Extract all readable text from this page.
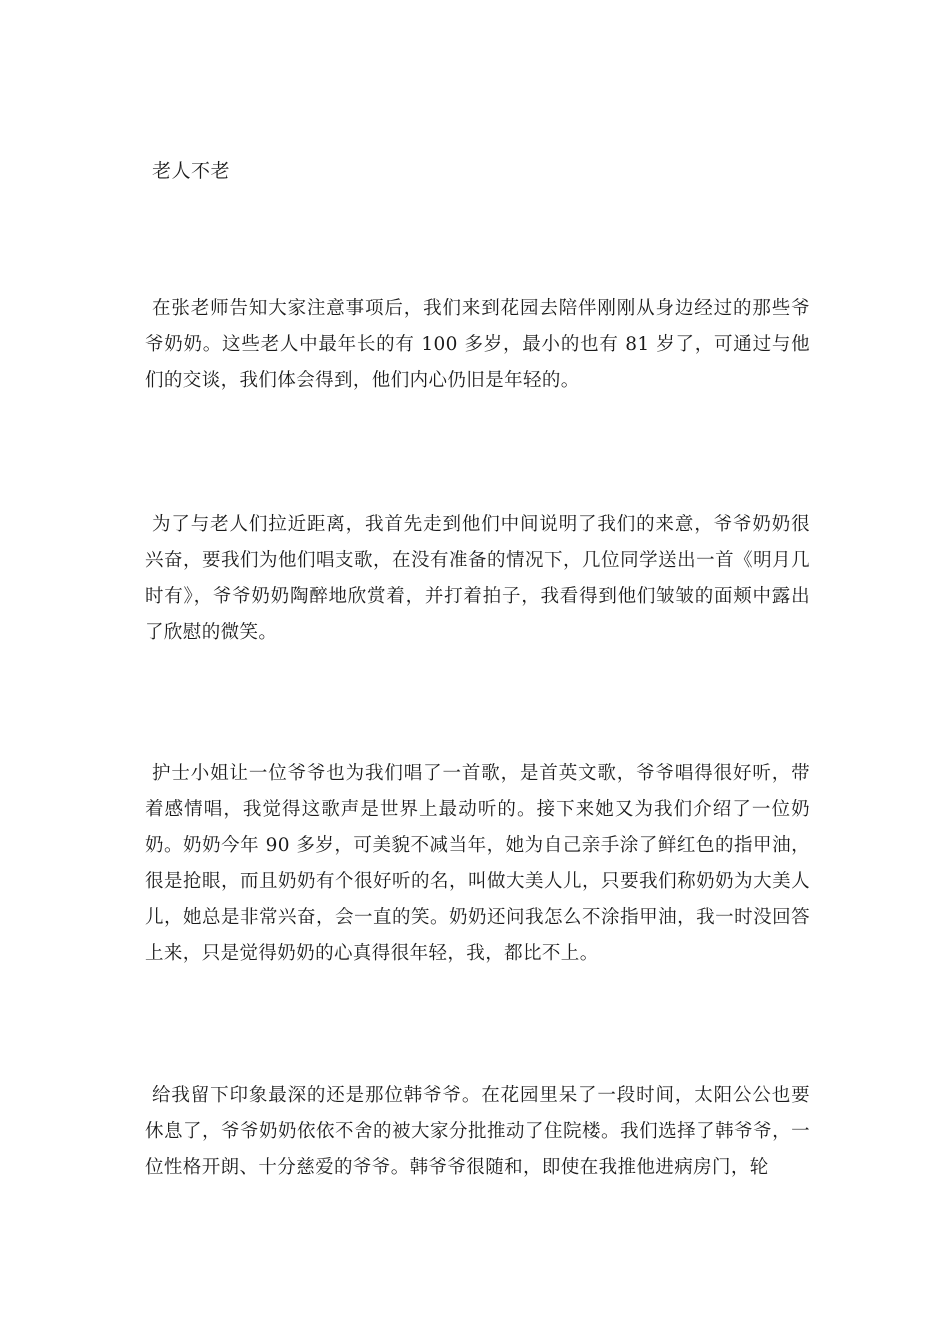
老人不老

在张老师告知大家注意事项后，我们来到花园去陪伴刚刚从身边经过的那些爷爷奶奶。这些老人中最年长的有 100 多岁，最小的也有 81 岁了，可通过与他们的交谈，我们体会得到，他们内心仍旧是年轻的。

为了与老人们拉近距离，我首先走到他们中间说明了我们的来意，爷爷奶奶很兴奋，要我们为他们唱支歌，在没有准备的情况下，几位同学送出一首《明月几时有》，爷爷奶奶陶醉地欣赏着，并打着拍子，我看得到他们皱皱的面颊中露出了欣慰的微笑。

护士小姐让一位爷爷也为我们唱了一首歌，是首英文歌，爷爷唱得很好听，带着感情唱，我觉得这歌声是世界上最动听的。接下来她又为我们介绍了一位奶奶。奶奶今年 90 多岁，可美貌不减当年，她为自己亲手涂了鲜红色的指甲油，很是抢眼，而且奶奶有个很好听的名，叫做大美人儿，只要我们称奶奶为大美人儿，她总是非常兴奋，会一直的笑。奶奶还问我怎么不涂指甲油，我一时没回答上来，只是觉得奶奶的心真得很年轻，我，都比不上。

给我留下印象最深的还是那位韩爷爷。在花园里呆了一段时间，太阳公公也要休息了，爷爷奶奶依依不舍的被大家分批推动了住院楼。我们选择了韩爷爷，一位性格开朗、十分慈爱的爷爷。韩爷爷很随和，即使在我推他进病房门，轮
